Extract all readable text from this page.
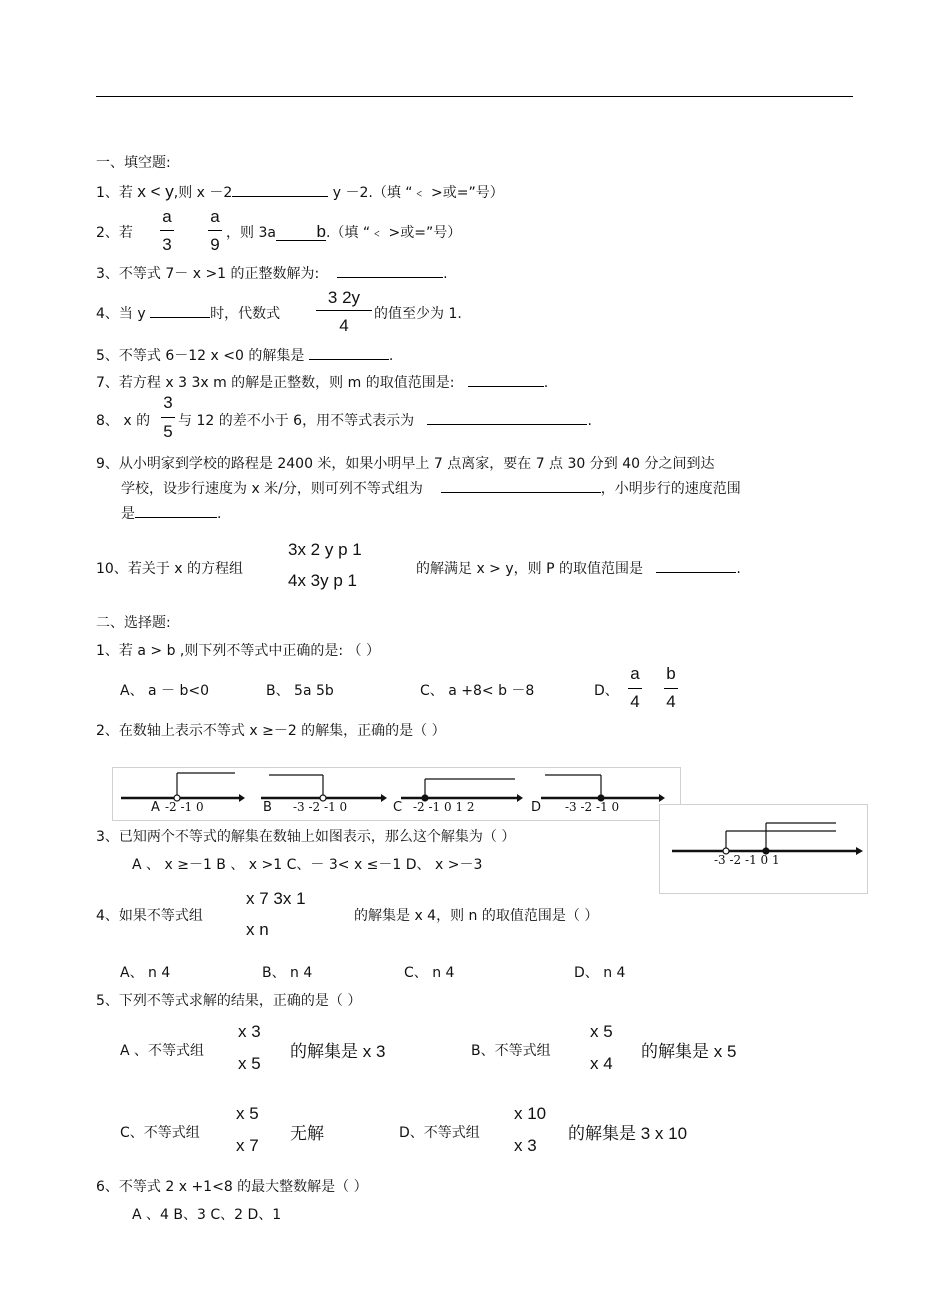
一、填空题:
1、若 x < y,则 x －2	y －2.（填 “﹤ >或=”号）
2、若
a
3
a
9
，则 3a b.（填 “﹤ >或=”号）
3、不等式 7－ x >1 的正整数解为:	.
4、当 y	时，代数式
3 2y
4
的值至少为 1.
5、不等式 6－12 x <0 的解集是	.
7、若方程 x 3 3x m 的解是正整数，则 m 的取值范围是:	.
8、 x 的
3
5
与 12 的差不小于 6，用不等式表示为	.
9、从小明家到学校的路程是 2400 米，如果小明早上 7 点离家，要在 7 点 30 分到 40 分之间到达
学校，设步行速度为 x 米/分，则可列不等式组为	，小明步行的速度范围
是	.
10、若关于 x 的方程组
3x 2 y p 1
4x 3y p 1
的解满足 x > y，则 P 的取值范围是	.
二、选择题:
1、若 a > b ,则下列不等式中正确的是: （ ）
A、 a － b<0	B、 5a 5b	C、 a +8< b －8	D、
a
4
b
4
2、在数轴上表示不等式 x ≥－2 的解集，正确的是（ ）
A -2 -1 0	B -3 -2 -1 0	C -2 -1 0 1 2	D -3 -2 -1 0
3、已知两个不等式的解集在数轴上如图表示，那么这个解集为（ ）
A 、 x ≥－1 B 、 x >1 C、－ 3< x ≤－1 D、 x >－3	-3 -2 -1 0 1
4、如果不等式组
x 7 3x 1
x n
的解集是 x 4，则 n 的取值范围是（ ）
A、 n 4	B、 n 4	C、 n 4	D、 n 4
5、下列不等式求解的结果，正确的是（ ）
A 、不等式组
x 3
x 5
的解集是 x 3	B、不等式组
x 5
x 4
的解集是 x 5
C、不等式组
x 5
x 7
无解	D、不等式组
x 10
x 3
的解集是 3 x 10
6、不等式 2 x +1<8 的最大整数解是（ ）
A 、4 B、3 C、2 D、1
